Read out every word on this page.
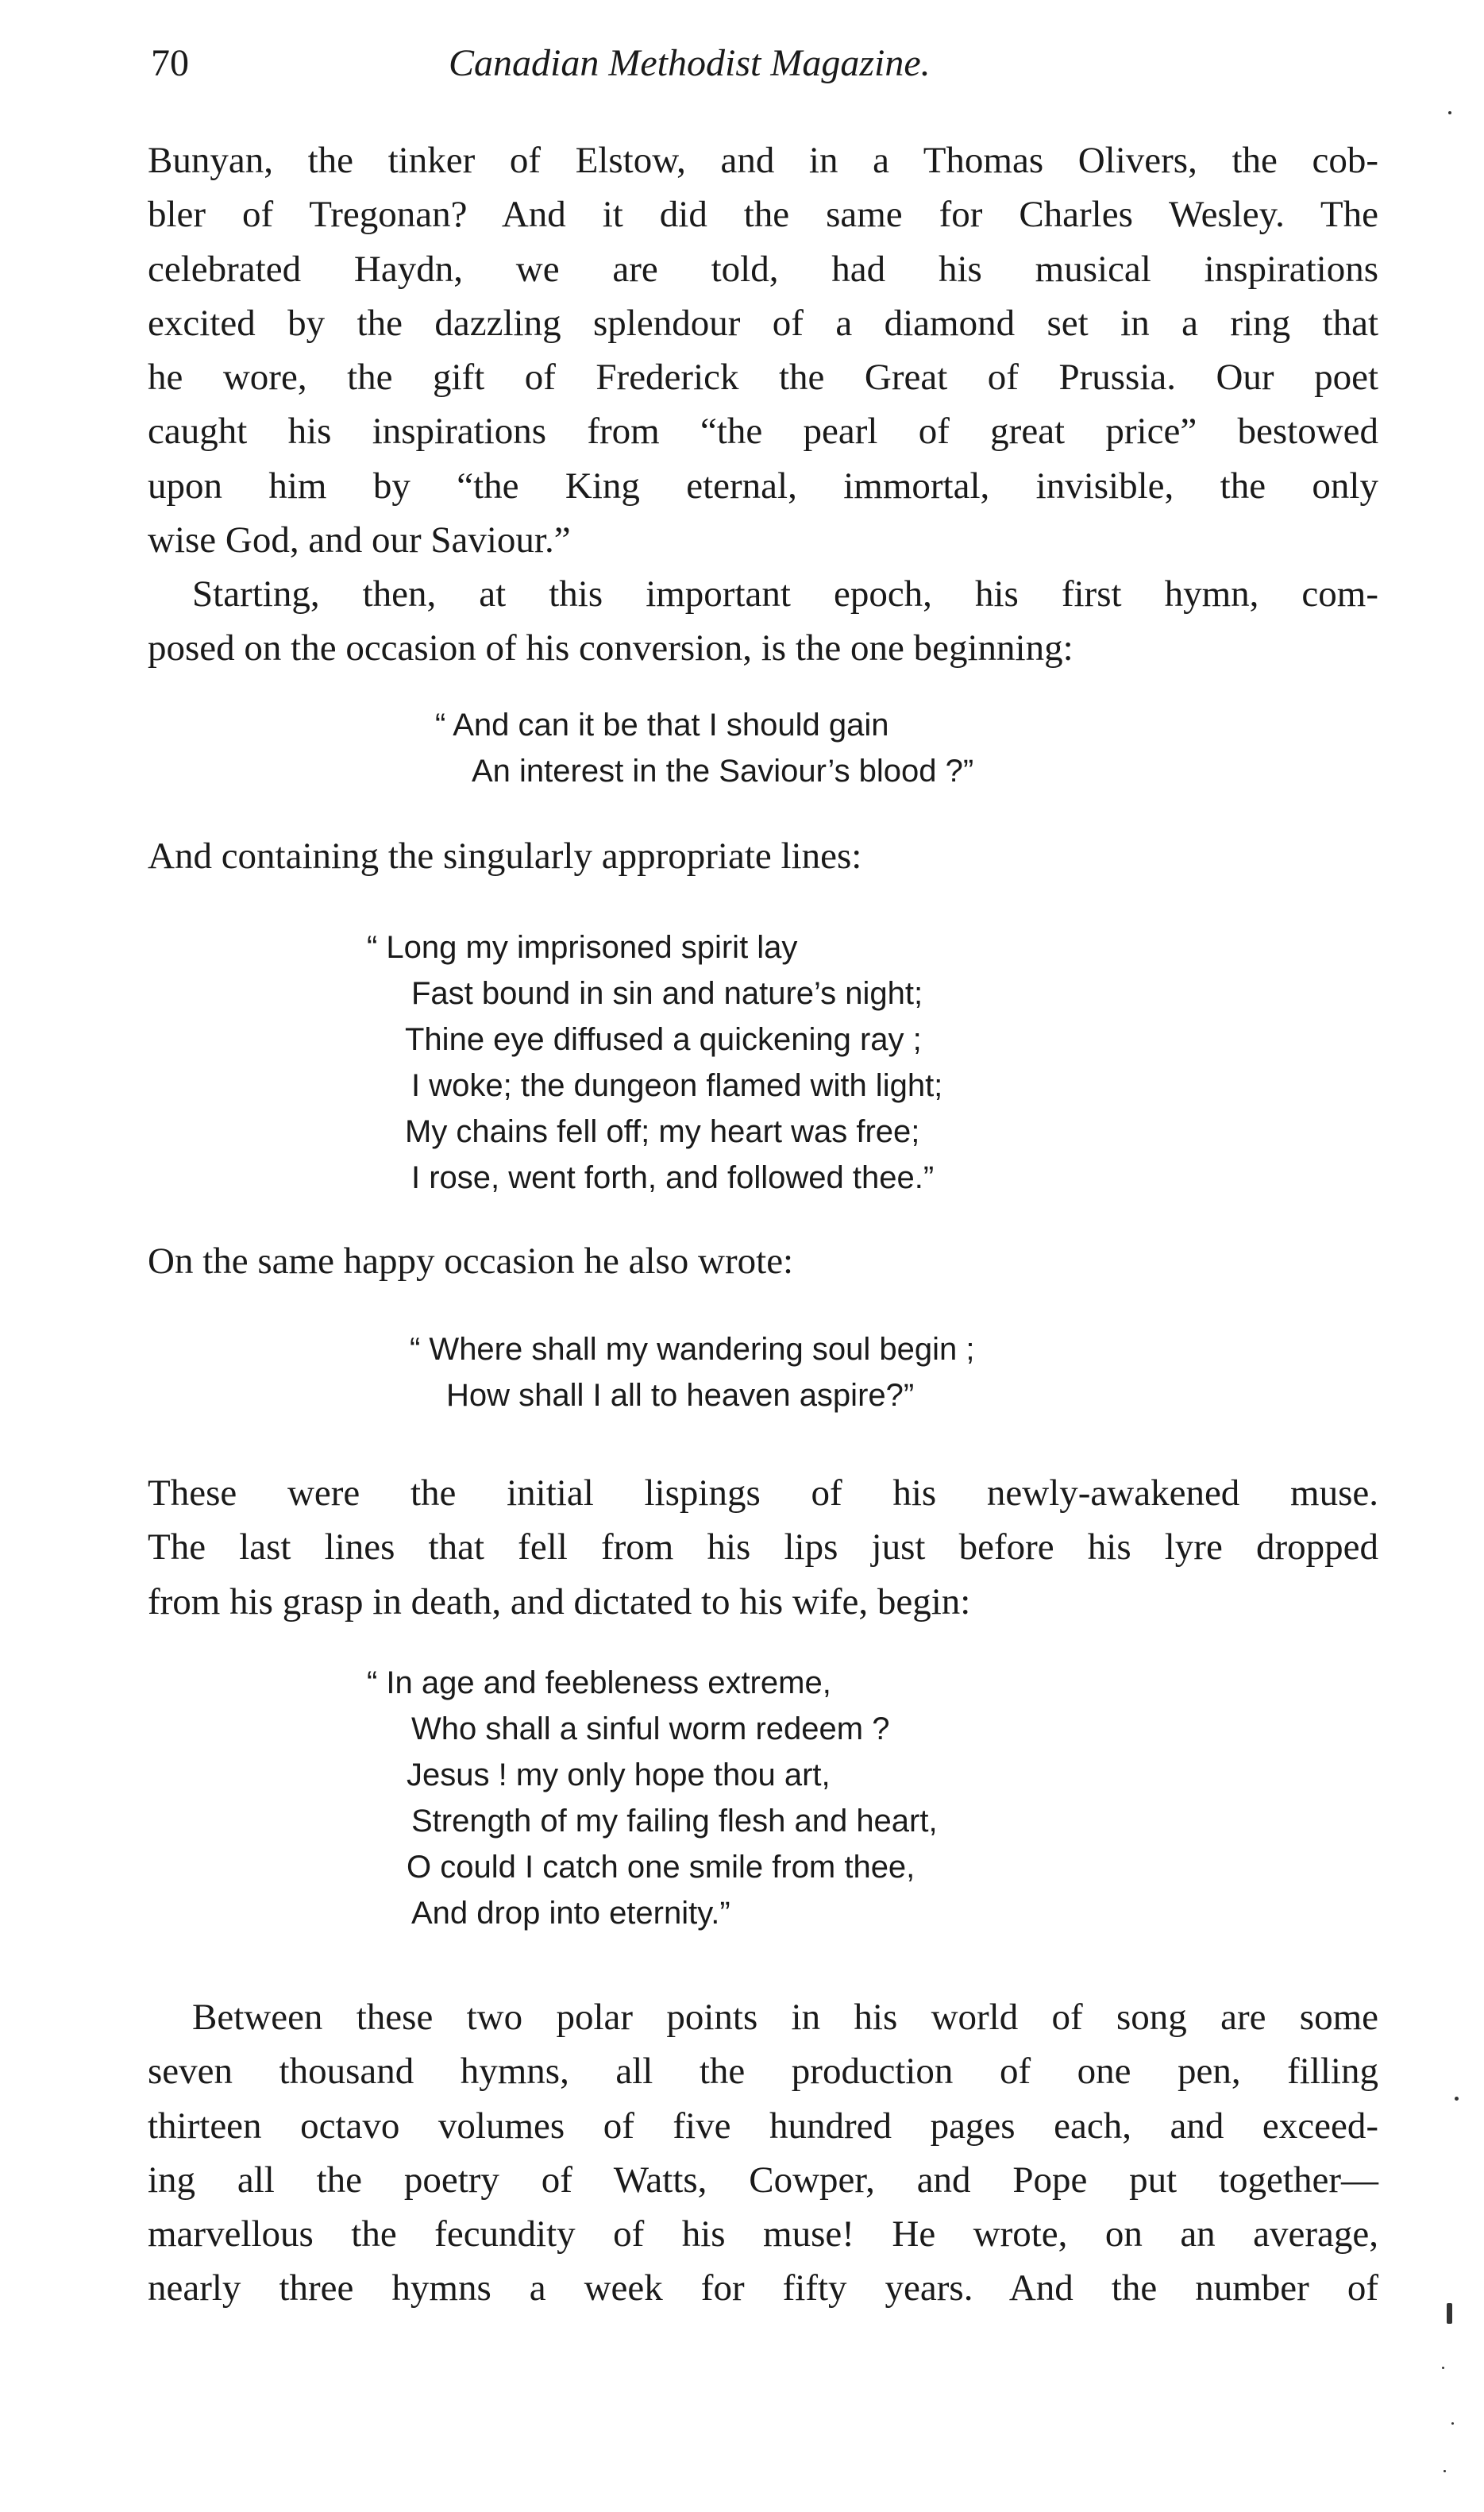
70	Canadian Methodist Magazine.
Bunyan, the tinker of Elstow, and in a Thomas Olivers, the cob-
bler of Tregonan? And it did the same for Charles Wesley. The
celebrated Haydn, we are told, had his musical inspirations
excited by the dazzling splendour of a diamond set in a ring that
he wore, the gift of Frederick the Great of Prussia. Our poet
caught his inspirations from “the pearl of great price” bestowed
upon him by “the King eternal, immortal, invisible, the only
wise God, and our Saviour.”
Starting, then, at this important epoch, his first hymn, com-
posed on the occasion of his conversion, is the one beginning:
“ And can it be that I should gain
An interest in the Saviour’s blood ?”
And containing the singularly appropriate lines:
“ Long my imprisoned spirit lay
Fast bound in sin and nature’s night;
Thine eye diffused a quickening ray ;
I woke; the dungeon flamed with light;
My chains fell off; my heart was free;
I rose, went forth, and followed thee.”
On the same happy occasion he also wrote:
“ Where shall my wandering soul begin ;
How shall I all to heaven aspire?”
These were the initial lispings of his newly-awakened muse.
The last lines that fell from his lips just before his lyre dropped
from his grasp in death, and dictated to his wife, begin:
“ In age and feebleness extreme,
Who shall a sinful worm redeem ?
Jesus ! my only hope thou art,
Strength of my failing flesh and heart,
O could I catch one smile from thee,
And drop into eternity.”
Between these two polar points in his world of song are some
seven thousand hymns, all the production of one pen, filling
thirteen octavo volumes of five hundred pages each, and exceed-
ing all the poetry of Watts, Cowper, and Pope put together—
marvellous the fecundity of his muse! He wrote, on an average,
nearly three hymns a week for fifty years. And the number of
